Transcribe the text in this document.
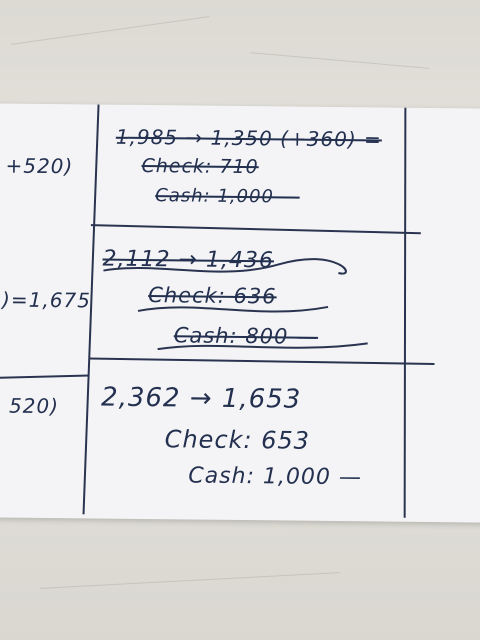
+520)
)=1,675
520)
1,985 → 1,350 (+360) =
Check: 710
Cash: 1,000 —
2,112 → 1,436
Check: 636
Cash: 800 —
2,362 → 1,653
Check: 653
Cash: 1,000 —
